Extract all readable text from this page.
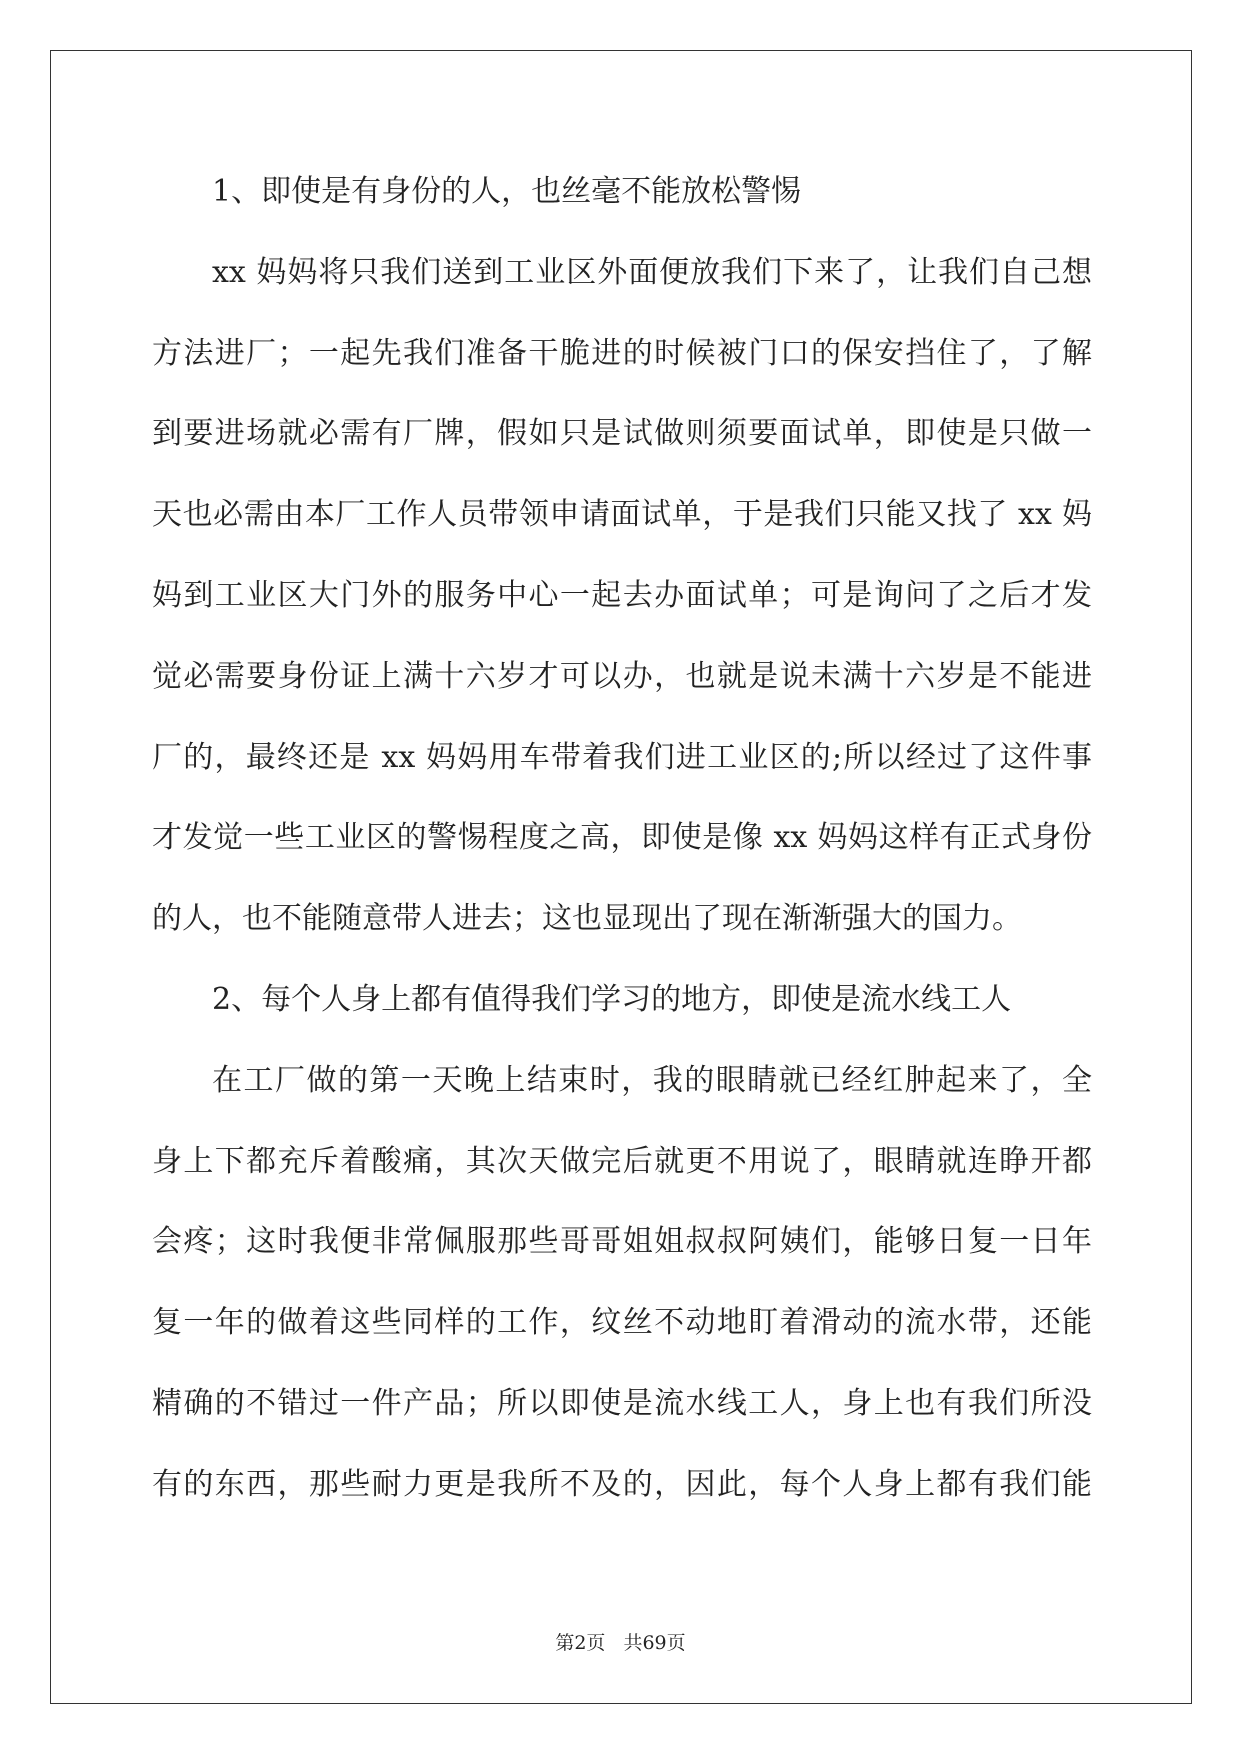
1、即使是有身份的人，也丝毫不能放松警惕
xx 妈妈将只我们送到工业区外面便放我们下来了，让我们自己想
方法进厂；一起先我们准备干脆进的时候被门口的保安挡住了，了解
到要进场就必需有厂牌，假如只是试做则须要面试单，即使是只做一
天也必需由本厂工作人员带领申请面试单，于是我们只能又找了 xx 妈
妈到工业区大门外的服务中心一起去办面试单；可是询问了之后才发
觉必需要身份证上满十六岁才可以办，也就是说未满十六岁是不能进
厂的，最终还是 xx 妈妈用车带着我们进工业区的;所以经过了这件事
才发觉一些工业区的警惕程度之高，即使是像 xx 妈妈这样有正式身份
的人，也不能随意带人进去；这也显现出了现在渐渐强大的国力。
2、每个人身上都有值得我们学习的地方，即使是流水线工人
在工厂做的第一天晚上结束时，我的眼睛就已经红肿起来了，全
身上下都充斥着酸痛，其次天做完后就更不用说了，眼睛就连睁开都
会疼；这时我便非常佩服那些哥哥姐姐叔叔阿姨们，能够日复一日年
复一年的做着这些同样的工作，纹丝不动地盯着滑动的流水带，还能
精确的不错过一件产品；所以即使是流水线工人，身上也有我们所没
有的东西，那些耐力更是我所不及的，因此，每个人身上都有我们能
第2页 共69页
